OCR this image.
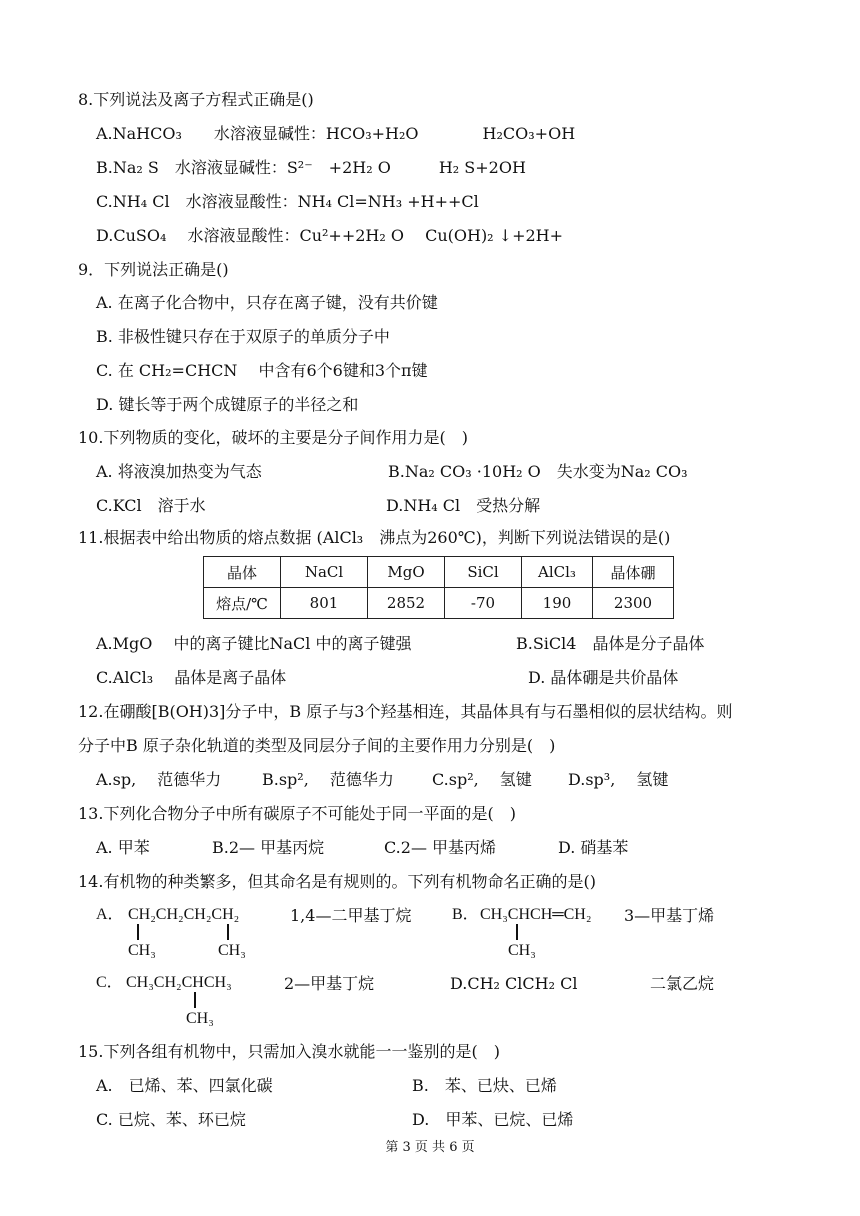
8.下列说法及离子方程式正确是()
A.NaHCO₃　　水溶液显碱性：HCO₃+H₂O　　　　H₂CO₃+OH
B.Na₂ S　水溶液显碱性：S²⁻　+2H₂ O　　　H₂ S+2OH
C.NH₄ Cl　水溶液显酸性：NH₄ Cl=NH₃ +H++Cl
D.CuSO₄　 水溶液显酸性：Cu²++2H₂ O　 Cu(OH)₂ ↓+2H+
9．下列说法正确是()
A. 在离子化合物中，只存在离子键，没有共价键
B. 非极性键只存在于双原子的单质分子中
C. 在 CH₂=CHCN　 中含有6个6键和3个π键
D. 键长等于两个成键原子的半径之和
10.下列物质的变化，破坏的主要是分子间作用力是(　)
A. 将液溴加热变为气态	B.Na₂ CO₃ ·10H₂ O　失水变为Na₂ CO₃
C.KCl　溶于水	D.NH₄ Cl　受热分解
11.根据表中给出物质的熔点数据 (AlCl₃　沸点为260℃)，判断下列说法错误的是()
晶体	NaCl	MgO	SiCl	AlCl₃	晶体硼
熔点/℃	801	2852	-70	190	2300
A.MgO　 中的离子键比NaCl 中的离子键强	B.SiCl4　晶体是分子晶体
C.AlCl₃　 晶体是离子晶体	D. 晶体硼是共价晶体
12.在硼酸[B(OH)3]分子中，B 原子与3个羟基相连，其晶体具有与石墨相似的层状结构。则
分子中B 原子杂化轨道的类型及同层分子间的主要作用力分别是(　)
A.sp,　 范德华力	B.sp²,　 范德华力 C.sp²,　 氢键 D.sp³,　 氢键
13.下列化合物分子中所有碳原子不可能处于同一平面的是(　)
A. 甲苯	B.2— 甲基丙烷	C.2— 甲基丙烯	D. 硝基苯
14.有机物的种类繁多，但其命名是有规则的。下列有机物命名正确的是()
A． CH₂CH₂CH₂CH₂
CH₃	CH₃
1,4—二甲基丁烷	B． CH₃CHCH═CH₂
CH₃
3—甲基丁烯
C． CH₃CH₂CHCH₃
CH₃
2—甲基丁烷	D.CH₂ ClCH₂ Cl	二氯乙烷
15.下列各组有机物中，只需加入溴水就能一一鉴别的是(　)
A.　已烯、苯、四氯化碳	B.　苯、已炔、已烯
C. 已烷、苯、环已烷	D.　甲苯、已烷、已烯
第 3 页 共 6 页
